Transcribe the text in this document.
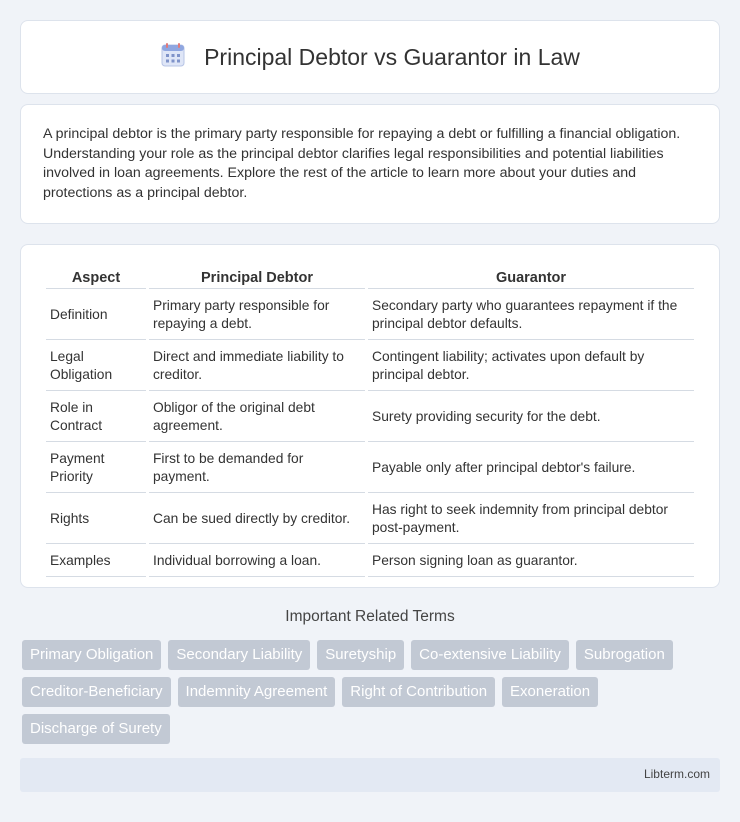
Principal Debtor vs Guarantor in Law

A principal debtor is the primary party responsible for repaying a debt or fulfilling a financial obligation. Understanding your role as the principal debtor clarifies legal responsibilities and potential liabilities involved in loan agreements. Explore the rest of the article to learn more about your duties and protections as a principal debtor.

Aspect	Principal Debtor	Guarantor
Definition	Primary party responsible for repaying a debt.	Secondary party who guarantees repayment if the principal debtor defaults.
Legal Obligation	Direct and immediate liability to creditor.	Contingent liability; activates upon default by principal debtor.
Role in Contract	Obligor of the original debt agreement.	Surety providing security for the debt.
Payment Priority	First to be demanded for payment.	Payable only after principal debtor's failure.
Rights	Can be sued directly by creditor.	Has right to seek indemnity from principal debtor post-payment.
Examples	Individual borrowing a loan.	Person signing loan as guarantor.
Important Related Terms
Primary Obligation	Secondary Liability	Suretyship	Co-extensive Liability	Subrogation
Creditor-Beneficiary	Indemnity Agreement	Right of Contribution	Exoneration
Discharge of Surety
Libterm.com
